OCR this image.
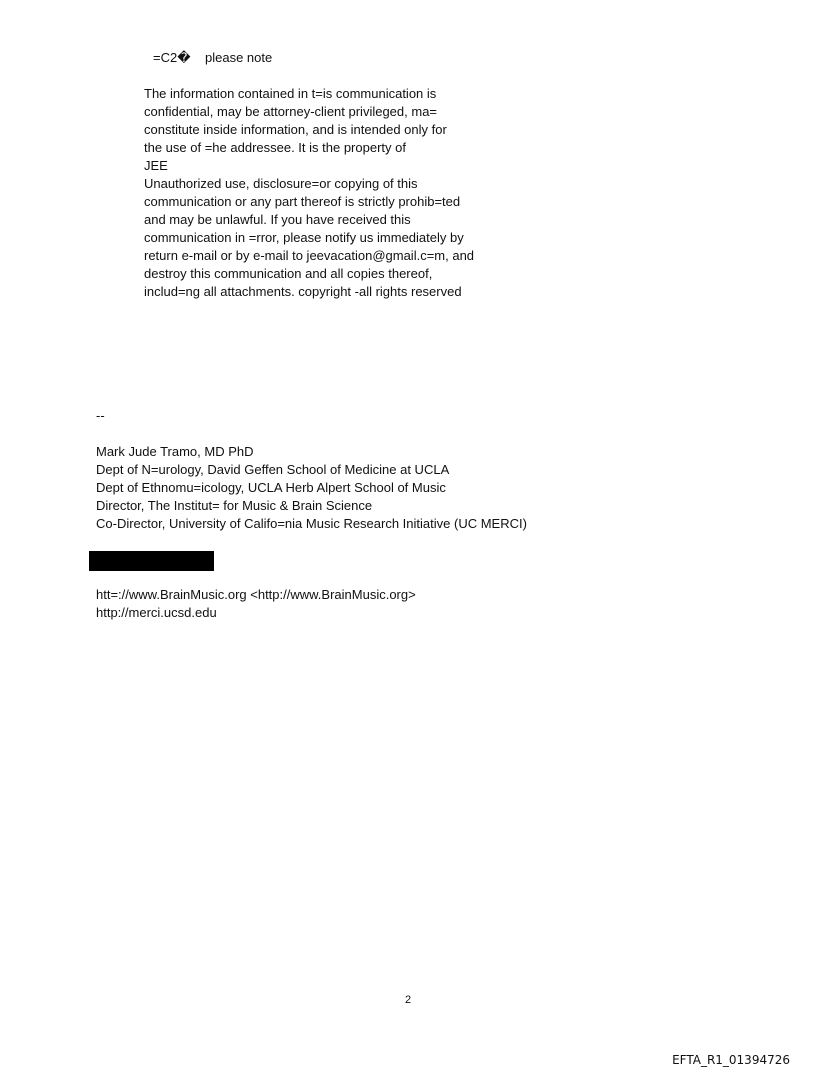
=C2�    please note
The information contained in t=is communication is
confidential, may be attorney-client privileged, ma=
constitute inside information, and is intended only for
the use of =he addressee. It is the property of
JEE
Unauthorized use, disclosure=or copying of this
communication or any part thereof is strictly prohib=ted
and may be unlawful. If you have received this
communication in =rror, please notify us immediately by
return e-mail or by e-mail to jeevacation@gmail.c=m, and
destroy this communication and all copies thereof,
includ=ng all attachments. copyright -all rights reserved
--
Mark Jude Tramo, MD PhD
Dept of N=urology, David Geffen School of Medicine at UCLA
Dept of Ethnomu=icology, UCLA Herb Alpert School of Music
Director, The Institut= for Music & Brain Science
Co-Director, University of Califo=nia Music Research Initiative (UC MERCI)
htt=://www.BrainMusic.org <http://www.BrainMusic.org>
http://merci.ucsd.edu
2
EFTA_R1_01394726
